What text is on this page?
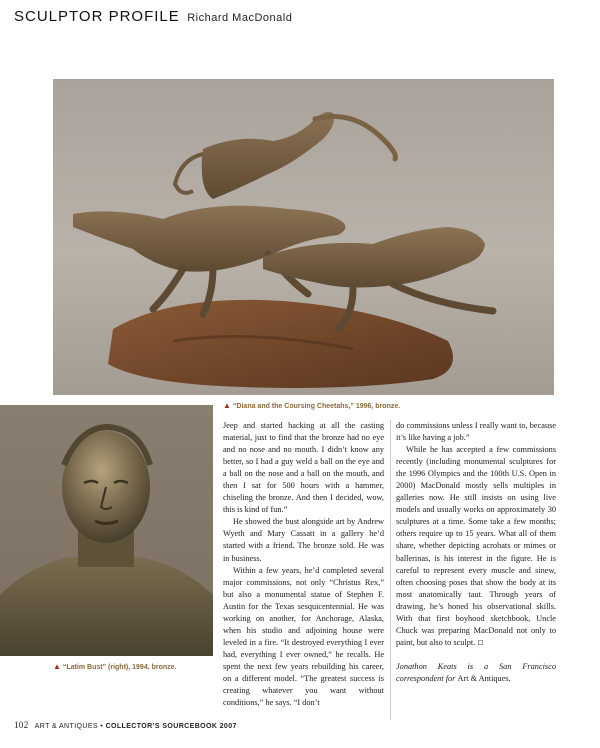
SCULPTOR PROFILE Richard MacDonald
▲ “Diana and the Coursing Cheetahs,” 1996, bronze.
▲ “Latim Bust” (right), 1994, bronze.

Jeep and started hacking at all the casting material, just to find that the bronze had no eye and no nose and no mouth. I didn’t know any better, so I had a guy weld a ball on the eye and a ball on the nose and a ball on the mouth, and then I sat for 500 hours with a hammer, chiseling the bronze. And then I decided, wow, this is kind of fun.”

He showed the bust alongside art by Andrew Wyeth and Mary Cassatt in a gallery he’d started with a friend. The bronze sold. He was in business.

Within a few years, he’d completed several major commissions, not only “Christus Rex,” but also a monumental statue of Stephen F. Austin for the Texas sesquicentennial. He was working on another, for Anchorage, Alaska, when his studio and adjoining house were leveled in a fire. “It destroyed everything I ever had, everything I ever owned,” he recalls. He spent the next few years rebuilding his career, on a different model. “The greatest success is creating whatever you want without conditions,” he says. “I don’t

do commissions unless I really want to, because it’s like having a job.”

While he has accepted a few commissions recently (including monumental sculptures for the 1996 Olympics and the 100th U.S. Open in 2000) MacDonald mostly sells multiples in galleries now. He still insists on using live models and usually works on approximately 30 sculptures at a time. Some take a few months; others require up to 15 years. What all of them share, whether depicting acrobats or mimes or ballerinas, is his interest in the figure. He is careful to represent every muscle and sinew, often choosing poses that show the body at its most anatomically taut. Through years of drawing, he’s honed his observational skills. With that first boyhood sketchbook, Uncle Chuck was preparing MacDonald not only to paint, but also to sculpt. ☐

Jonathon Keats is a San Francisco correspondent for Art & Antiques.

102 ART & ANTIQUES • COLLECTOR’S SOURCEBOOK 2007
